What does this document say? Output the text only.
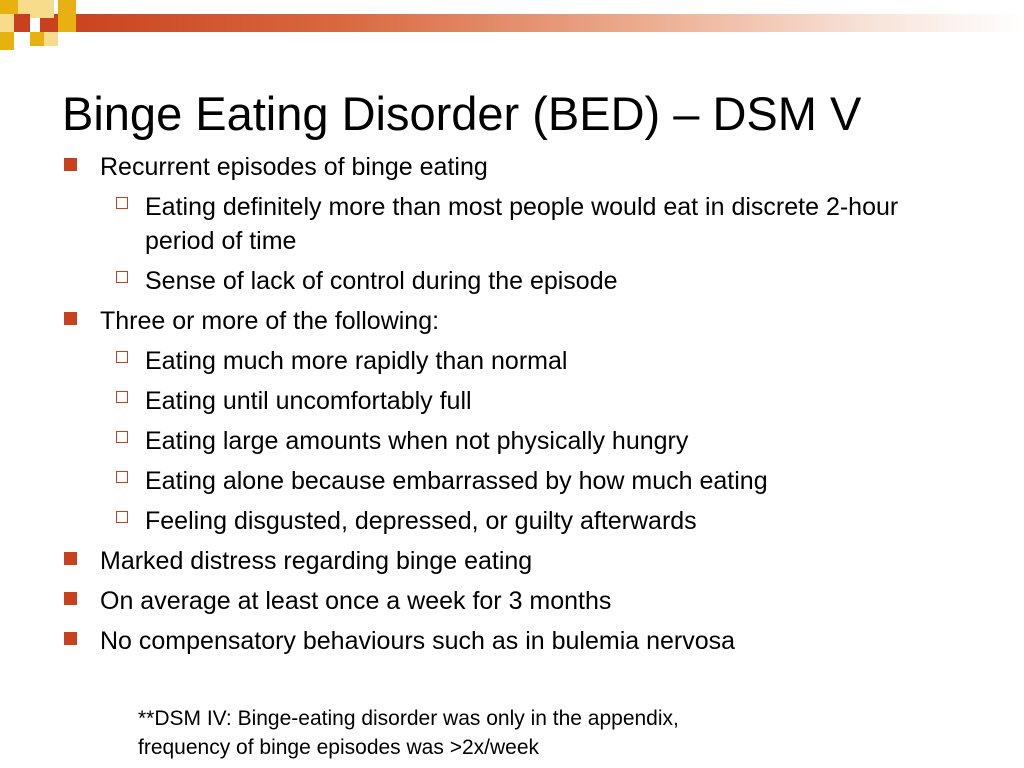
Binge Eating Disorder (BED) – DSM V
Recurrent episodes of binge eating
Eating definitely more than most people would eat in discrete 2-hour period of time
Sense of lack of control during the episode
Three or more of the following:
Eating much more rapidly than normal
Eating until uncomfortably full
Eating large amounts when not physically hungry
Eating alone because embarrassed by how much eating
Feeling disgusted, depressed, or guilty afterwards
Marked distress regarding binge eating
On average at least once a week for 3 months
No compensatory behaviours such as in bulemia nervosa
**DSM IV: Binge-eating disorder was only in the appendix,
frequency of binge episodes was >2x/week
